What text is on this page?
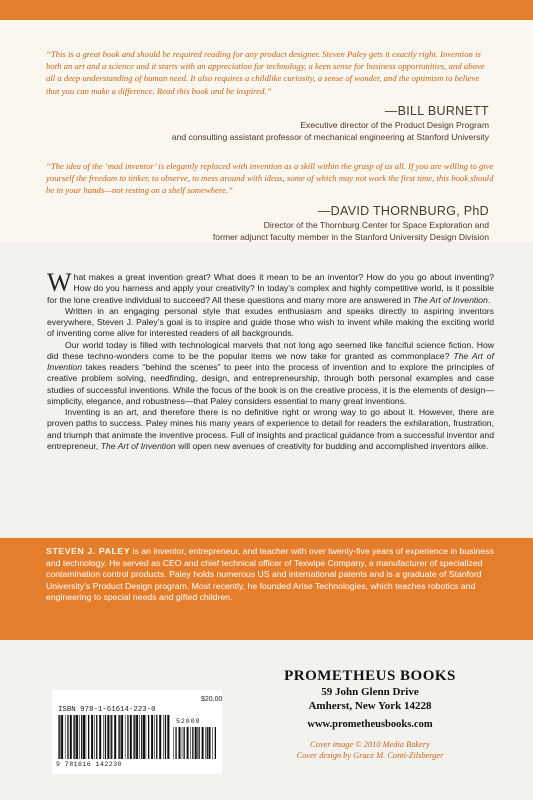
“This is a great book and should be required reading for any product designer. Steven Paley gets it exactly right. Invention is both an art and a science and it starts with an appreciation for technology, a keen sense for business opportunities, and above all a deep understanding of human need. It also requires a childlike curiosity, a sense of wonder, and the optimism to believe that you can make a difference. Read this book and be inspired.”
—BILL BURNETT
Executive director of the Product Design Program
and consulting assistant professor of mechanical engineering at Stanford University
“The idea of the ‘mad inventor’ is elegantly replaced with invention as a skill within the grasp of us all. If you are willing to give yourself the freedom to tinker, to observe, to mess around with ideas, some of which may not work the first time, this book should be in your hands—not resting on a shelf somewhere.”
—DAVID THORNBURG, PhD
Director of the Thornburg Center for Space Exploration and
former adjunct faculty member in the Stanford University Design Division

What makes a great invention great? What does it mean to be an inventor? How do you go about inventing? How do you harness and apply your creativity? In today’s complex and highly competitive world, is it possible for the lone creative individual to succeed? All these questions and many more are answered in The Art of Invention.

Written in an engaging personal style that exudes enthusiasm and speaks directly to aspiring inventors everywhere, Steven J. Paley’s goal is to inspire and guide those who wish to invent while making the exciting world of inventing come alive for interested readers of all backgrounds.

Our world today is filled with technological marvels that not long ago seemed like fanciful science fiction. How did these techno-wonders come to be the popular items we now take for granted as commonplace? The Art of Invention takes readers “behind the scenes” to peer into the process of invention and to explore the principles of creative problem solving, needfinding, design, and entrepreneurship, through both personal examples and case studies of successful inventions. While the focus of the book is on the creative process, it is the elements of design—simplicity, elegance, and robustness—that Paley considers essential to many great inventions.

Inventing is an art, and therefore there is no definitive right or wrong way to go about it. However, there are proven paths to success. Paley mines his many years of experience to detail for readers the exhilaration, frustration, and triumph that animate the inventive process. Full of insights and practical guidance from a successful inventor and entrepreneur, The Art of Invention will open new avenues of creativity for budding and accomplished inventors alike.

STEVEN J. PALEY is an inventor, entrepreneur, and teacher with over twenty-five years of experience in business and technology. He served as CEO and chief technical officer of Texwipe Company, a manufacturer of specialized contamination control products. Paley holds numerous US and international patents and is a graduate of Stanford University’s Product Design program. Most recently, he founded Arise Technologies, which teaches robotics and engineering to special needs and gifted children.
$20.00
ISBN 978-1-61614-223-0
52000
9 781616 142230
PROMETHEUS BOOKS
59 John Glenn Drive
Amherst, New York 14228
www.prometheusbooks.com
Cover image © 2010 Media Bakery
Cover design by Grace M. Conti-Zilsberger
